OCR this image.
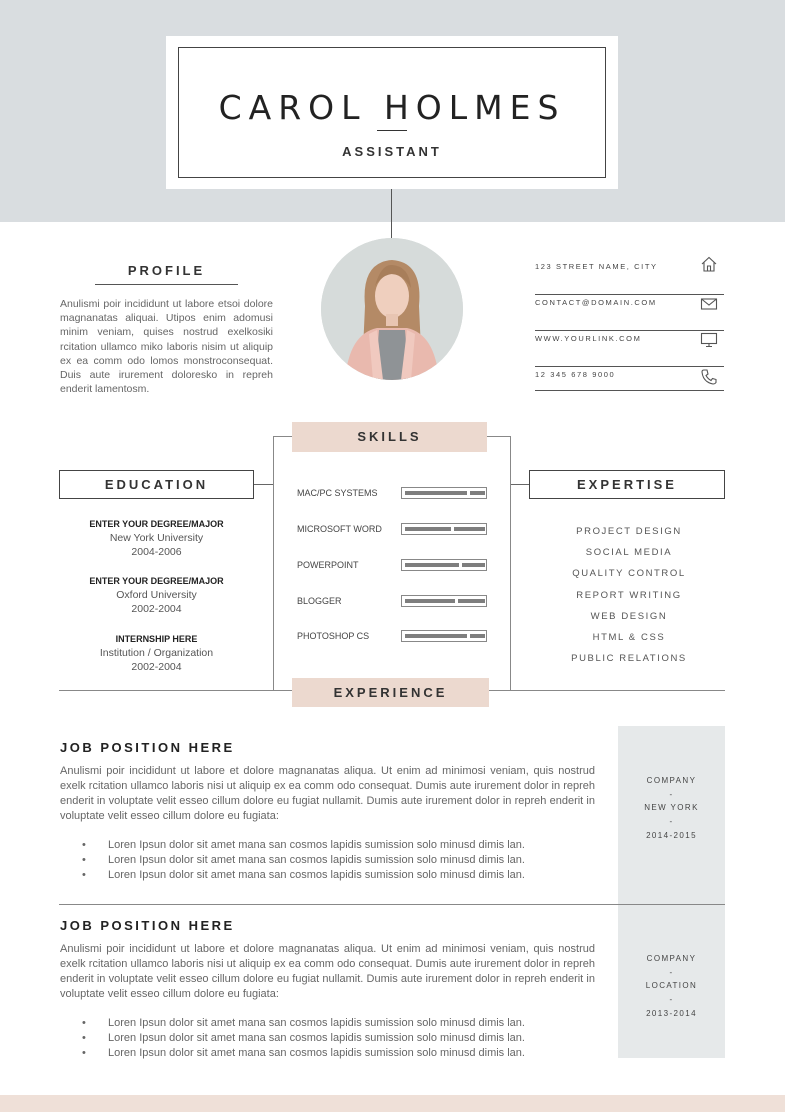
CAROL HOLMES
ASSISTANT
PROFILE
Anulismi poir incididunt ut labore etsoi dolore magnanatas aliquai. Utipos enim adomusi minim veniam, quises nostrud exelkosiki rcitation ullamco miko laboris nisim ut aliquip ex ea comm odo lomos monstroconsequat. Duis aute irurement doloresko in repreh enderit lamentosm.
123 STREET NAME, CITY
CONTACT@DOMAIN.COM
WWW.YOURLINK.COM
12 345 678 9000
SKILLS
MAC/PC SYSTEMS
MICROSOFT WORD
POWERPOINT
BLOGGER
PHOTOSHOP CS
EDUCATION
ENTER YOUR DEGREE/MAJOR
New York University
2004-2006
ENTER YOUR DEGREE/MAJOR
Oxford University
2002-2004
INTERNSHIP HERE
Institution / Organization
2002-2004
EXPERTISE
PROJECT DESIGN
SOCIAL MEDIA
QUALITY CONTROL
REPORT WRITING
WEB DESIGN
HTML & CSS
PUBLIC RELATIONS
EXPERIENCE
JOB POSITION HERE
Anulismi poir incididunt ut labore et dolore magnanatas aliqua. Ut enim ad minimosi veniam, quis nostrud exelk rcitation ullamco laboris nisi ut aliquip ex ea comm odo consequat. Dumis aute irurement dolor in repreh enderit in voluptate velit esseo cillum dolore eu fugiat nullamit. Dumis aute irurement dolor in repreh enderit in voluptate velit esseo cillum dolore eu fugiata:
• Loren Ipsun dolor sit amet mana san cosmos lapidis sumission solo minusd dimis lan.
• Loren Ipsun dolor sit amet mana san cosmos lapidis sumission solo minusd dimis lan.
• Loren Ipsun dolor sit amet mana san cosmos lapidis sumission solo minusd dimis lan.
COMPANY
-
NEW YORK
-
2014-2015
JOB POSITION HERE
Anulismi poir incididunt ut labore et dolore magnanatas aliqua. Ut enim ad minimosi veniam, quis nostrud exelk rcitation ullamco laboris nisi ut aliquip ex ea comm odo consequat. Dumis aute irurement dolor in repreh enderit in voluptate velit esseo cillum dolore eu fugiat nullamit. Dumis aute irurement dolor in repreh enderit in voluptate velit esseo cillum dolore eu fugiata:
• Loren Ipsun dolor sit amet mana san cosmos lapidis sumission solo minusd dimis lan.
• Loren Ipsun dolor sit amet mana san cosmos lapidis sumission solo minusd dimis lan.
• Loren Ipsun dolor sit amet mana san cosmos lapidis sumission solo minusd dimis lan.
COMPANY
-
LOCATION
-
2013-2014
